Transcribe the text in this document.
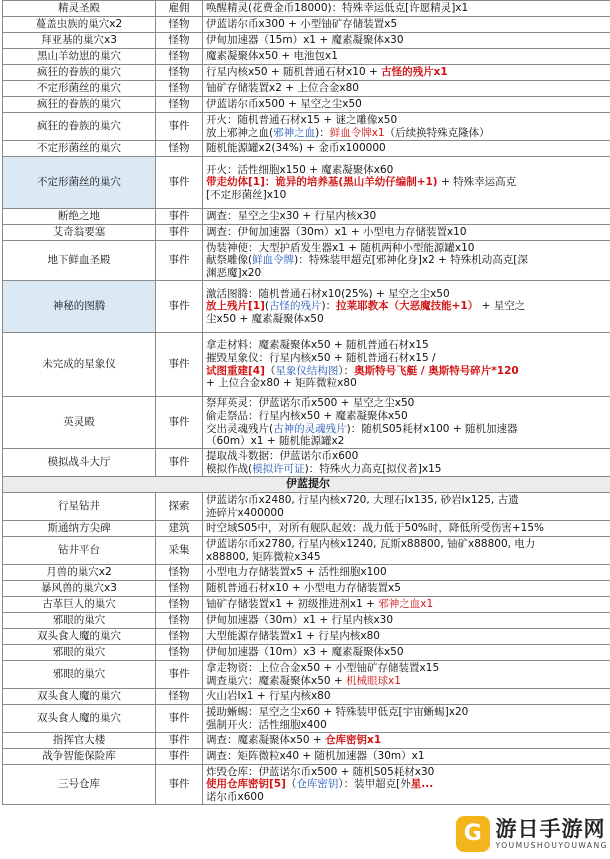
精灵圣殿	雇佣	唤醒精灵(花费金币18000)：特殊幸运低克[许愿精灵]x1

蔓盖虫族的巢穴x2	怪物	伊蓝诺尔币x300 + 小型铀矿存储装置x5

拜亚基的巢穴x3	怪物	伊甸加速器（15m）x1 + 魔素凝聚体x30

黑山羊幼崽的巢穴	怪物	魔素凝聚体x50 + 电池包x1

疯狂的眷族的巢穴	怪物	行星内核x50 + 随机普通石材x10 + 古怪的残片x1

不定形菌丝的巢穴	怪物	铀矿存储装置x2 + 上位合金x80

疯狂的眷族的巢穴	怪物	伊蓝诺尔币x500 + 星空之尘x50

疯狂的眷族的巢穴	事件	开火：随机普通石材x15 + 谜之雕像x50
放上邪神之血(邪神之血)：鲜血令牌x1（后续换特殊克隆体）

不定形菌丝的巢穴	怪物	随机能源罐x2(34%) + 金币x100000

不定形菌丝的巢穴	事件	开火：活性细胞x150 + 魔素凝聚体x60
带走幼体[1]：诡异的培养基(黑山羊幼仔编制+1) + 特殊幸运高克
[不定形菌丝]x10

断绝之地	事件	调查：星空之尘x30 + 行星内核x30

艾奇翁要塞	事件	调查：伊甸加速器（30m）x1 + 小型电力存储装置x10

地下鲜血圣殿	事件	伪装神使：大型护盾发生器x1 + 随机两种小型能源罐x10
献祭雕像(鲜血令牌)：特殊装甲超克[邪神化身]x2 + 特殊机动高克[深
渊恶魔]x20

神秘的图腾	事件	激活图腾：随机普通石材x10(25%) + 星空之尘x50
放上残片[1](古怪的残片)：拉莱耶教本（大恶魔技能+1） + 星空之
尘x50 + 魔素凝聚体x50

未完成的星象仪	事件	拿走材料：魔素凝聚体x50 + 随机普通石材x15
摧毁星象仪：行星内核x50 + 随机普通石材x15 /
试图重建[4]（星象仪结构图）：奥斯特号飞艇 / 奥斯特号碎片*120
+ 上位合金x80 + 矩阵微粒x80

英灵殿	事件	祭拜英灵：伊蓝诺尔币x500 + 星空之尘x50
偷走祭品：行星内核x50 + 魔素凝聚体x50
交出灵魂残片(古神的灵魂残片)：随机S05耗材x100 + 随机加速器
（60m）x1 + 随机能源罐x2

模拟战斗大厅	事件	提取战斗数据：伊蓝诺尔币x600
模拟作战(模拟许可证)：特殊火力高克[拟仪者]x15

伊蓝提尔		
行星钻井	探索	伊蓝诺尔币x2480, 行星内核x720, 大理石Ⅰx135, 砂岩Ⅰx125, 古遗
迹碎片x400000

斯通纳方尖碑	建筑	时空域S05中，对所有舰队起效：战力低于50%时，降低所受伤害+15%

钻井平台	采集	伊蓝诺尔币x2780, 行星内核x1240, 瓦斯x88800, 铀矿x88800, 电力
x88800, 矩阵微粒x345

月兽的巢穴x2	怪物	小型电力存储装置x5 + 活性细胞x100

暴风兽的巢穴x3	怪物	随机普通石材x10 + 小型电力存储装置x5

古革巨人的巢穴	怪物	铀矿存储装置x1 + 初级推进剂x1 + 邪神之血x1

邪眼的巢穴	怪物	伊甸加速器（30m）x1 + 行星内核x30

双头食人魔的巢穴	怪物	大型能源存储装置x1 + 行星内核x80

邪眼的巢穴	怪物	伊甸加速器（10m）x3 + 魔素凝聚体x50

邪眼的巢穴	事件	拿走物资：上位合金x50 + 小型铀矿存储装置x15
调查巢穴：魔素凝聚体x50 + 机械眼球x1

双头食人魔的巢穴	怪物	火山岩Ⅰx1 + 行星内核x80

双头食人魔的巢穴	事件	援助蜥蜴：星空之尘x60 + 特殊装甲低克[宇宙蜥蜴]x20
强制开火：活性细胞x400

指挥官大楼	事件	调查：魔素凝聚体x50 + 仓库密钥x1

战争智能保险库	事件	调查：矩阵微粒x40 + 随机加速器（30m）x1

三号仓库	事件	炸毁仓库：伊蓝诺尔币x500 + 随机S05耗材x30
使用仓库密钥[5]（仓库密钥）：装甲超克[外星...
诺尔币x600
G 游日手游网
YOUMUSHOUYOUWANG
